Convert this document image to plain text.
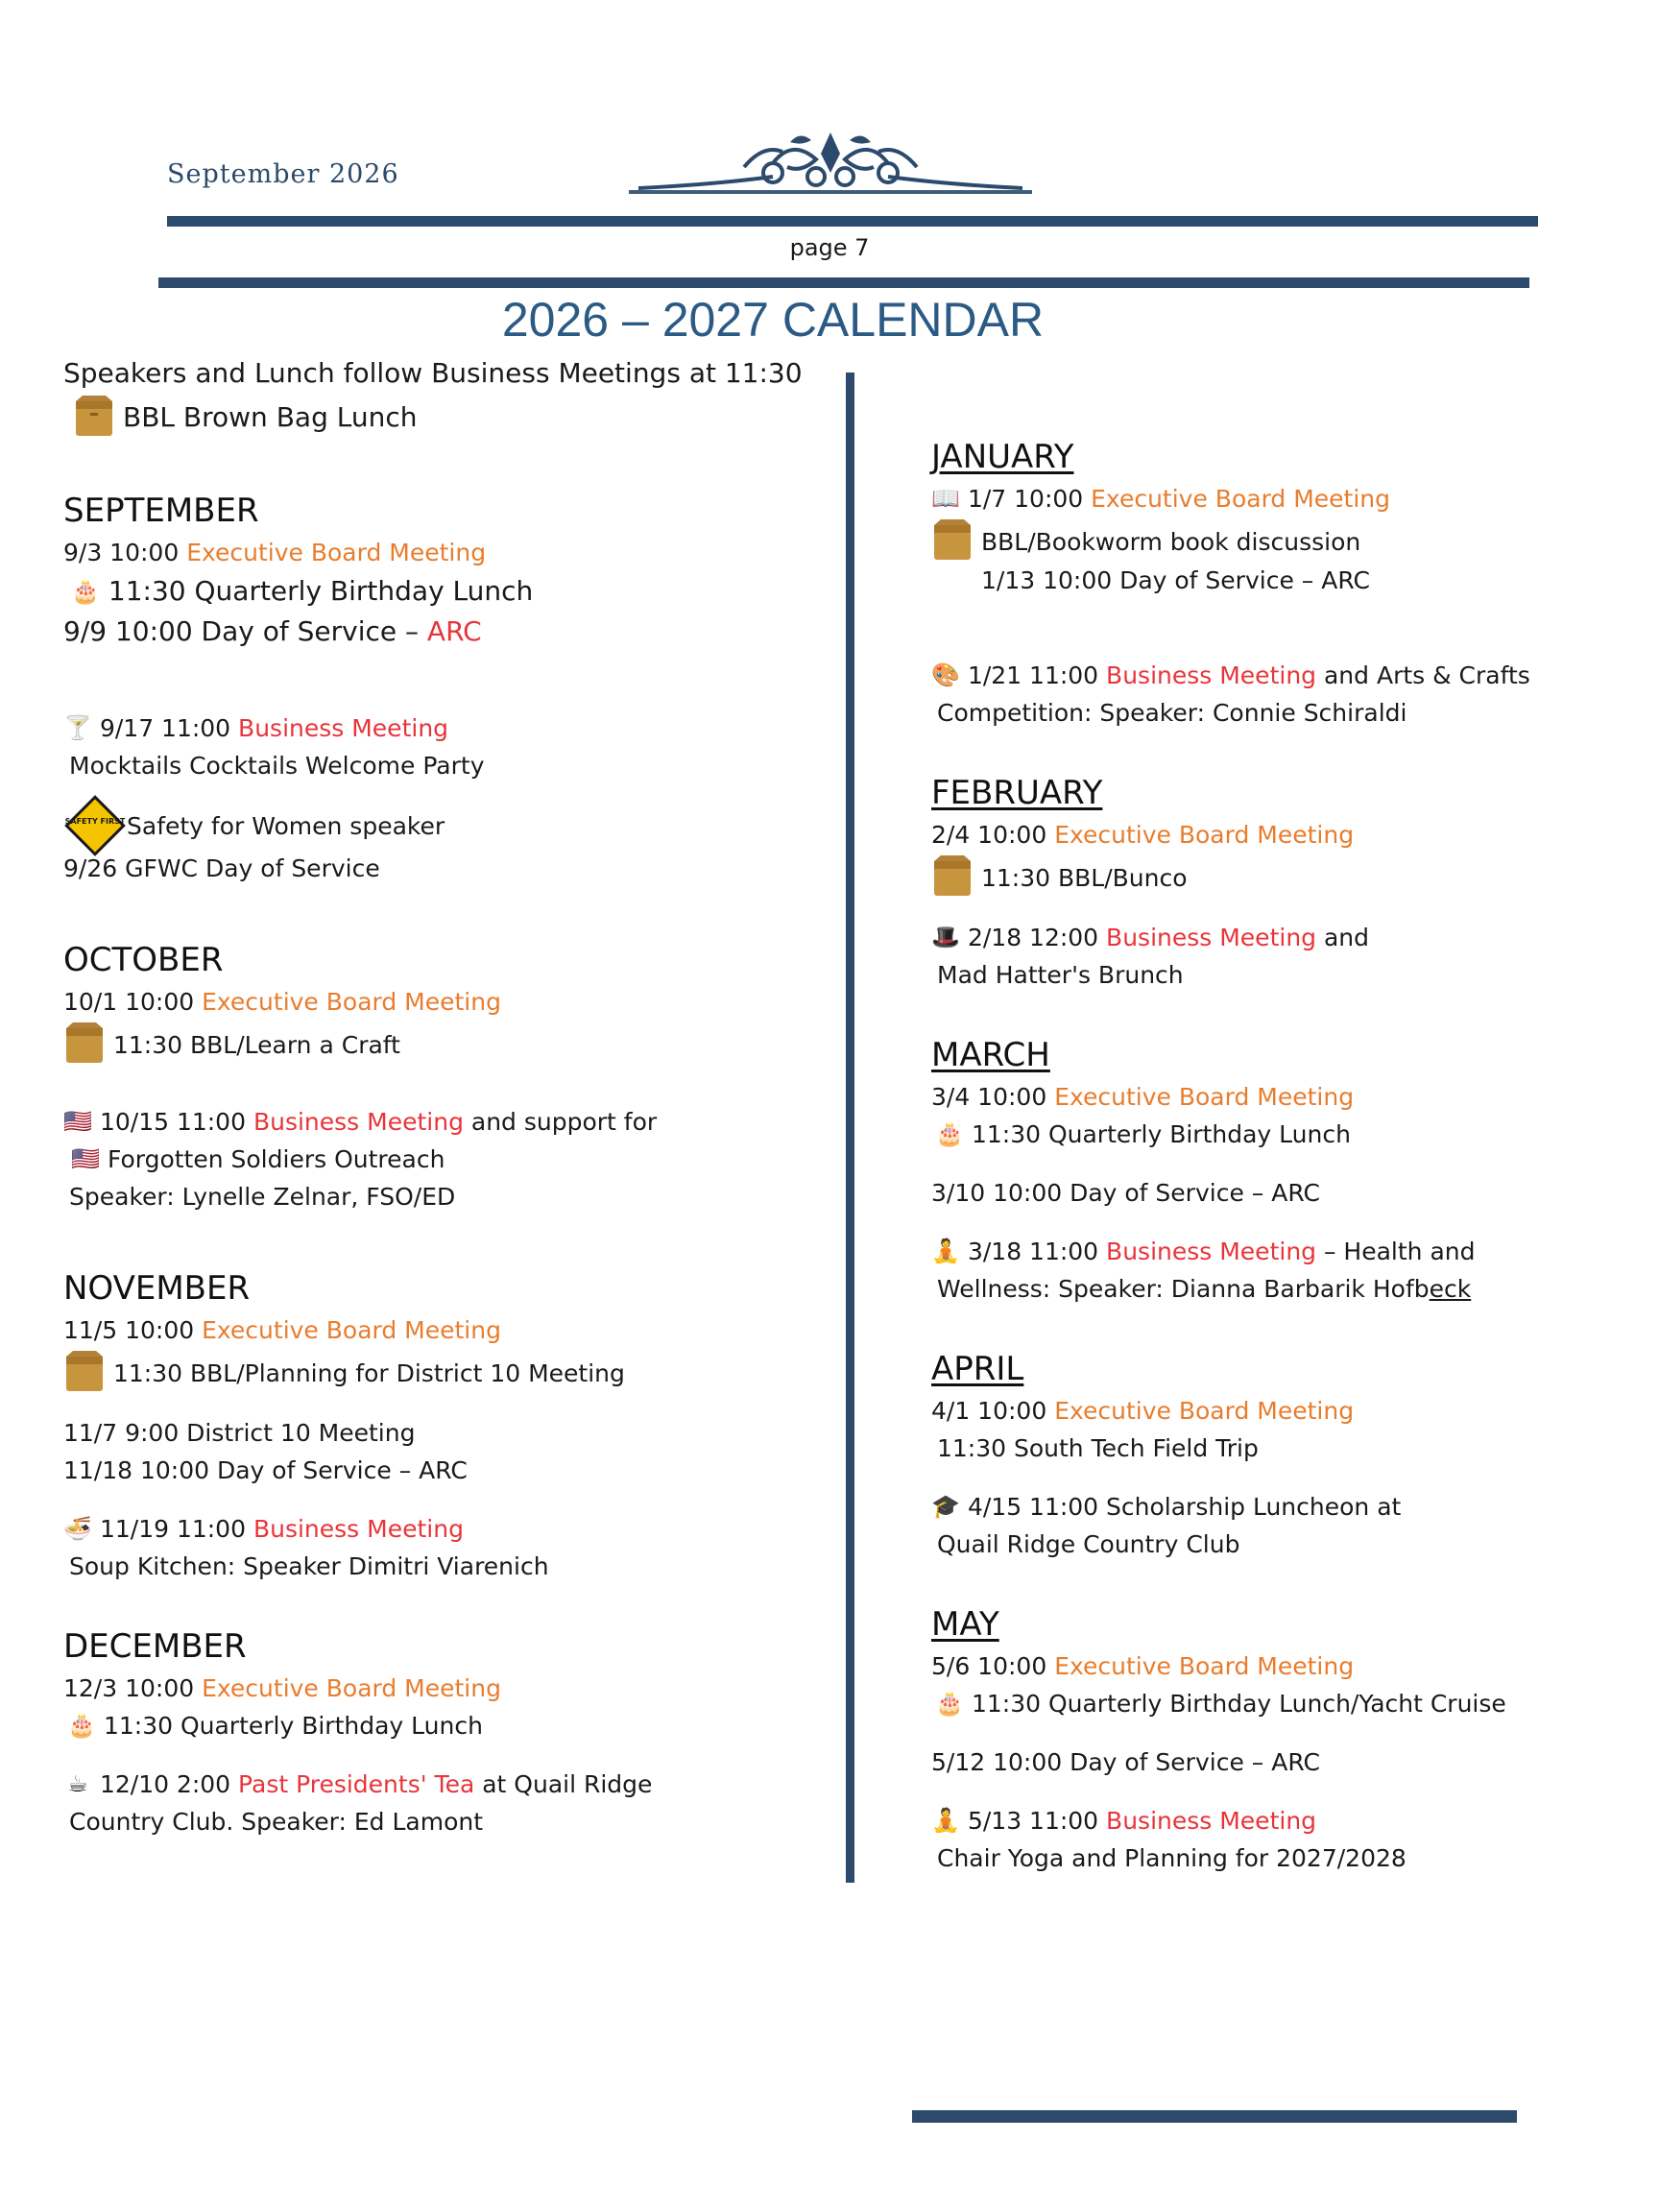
September 2026
page 7
2026 – 2027 CALENDAR
Speakers and Lunch follow Business Meetings at 11:30
BBL Brown Bag Lunch
SEPTEMBER
9/3 10:00 Executive Board Meeting
🎂 11:30 Quarterly Birthday Lunch
9/9 10:00 Day of Service – ARC
🍸 9/17 11:00 Business Meeting
Mocktails Cocktails Welcome Party
SAFETY FIRST Safety for Women speaker
9/26 GFWC Day of Service
OCTOBER
10/1 10:00 Executive Board Meeting
11:30 BBL/Learn a Craft
🇺🇸 10/15 11:00 Business Meeting and support for
🇺🇸 Forgotten Soldiers Outreach
Speaker: Lynelle Zelnar, FSO/ED
NOVEMBER
11/5 10:00 Executive Board Meeting
11:30 BBL/Planning for District 10 Meeting
11/7 9:00 District 10 Meeting
11/18 10:00 Day of Service – ARC
🍜 11/19 11:00 Business Meeting
Soup Kitchen: Speaker Dimitri Viarenich
DECEMBER
12/3 10:00 Executive Board Meeting
🎂 11:30 Quarterly Birthday Lunch
☕ 12/10 2:00 Past Presidents' Tea at Quail Ridge
Country Club. Speaker: Ed Lamont
JANUARY
📖 1/7 10:00 Executive Board Meeting
BBL/Bookworm book discussion
1/13 10:00 Day of Service – ARC
🎨 1/21 11:00 Business Meeting and Arts & Crafts
Competition: Speaker: Connie Schiraldi
FEBRUARY
2/4 10:00 Executive Board Meeting
11:30 BBL/Bunco
🎩 2/18 12:00 Business Meeting and
Mad Hatter's Brunch
MARCH
3/4 10:00 Executive Board Meeting
🎂 11:30 Quarterly Birthday Lunch
3/10 10:00 Day of Service – ARC
🧘 3/18 11:00 Business Meeting – Health and
Wellness: Speaker: Dianna Barbarik Hofbeck
APRIL
4/1 10:00 Executive Board Meeting
11:30 South Tech Field Trip
🎓 4/15 11:00 Scholarship Luncheon at
Quail Ridge Country Club
MAY
5/6 10:00 Executive Board Meeting
🎂 11:30 Quarterly Birthday Lunch/Yacht Cruise
5/12 10:00 Day of Service – ARC
🧘 5/13 11:00 Business Meeting
Chair Yoga and Planning for 2027/2028
